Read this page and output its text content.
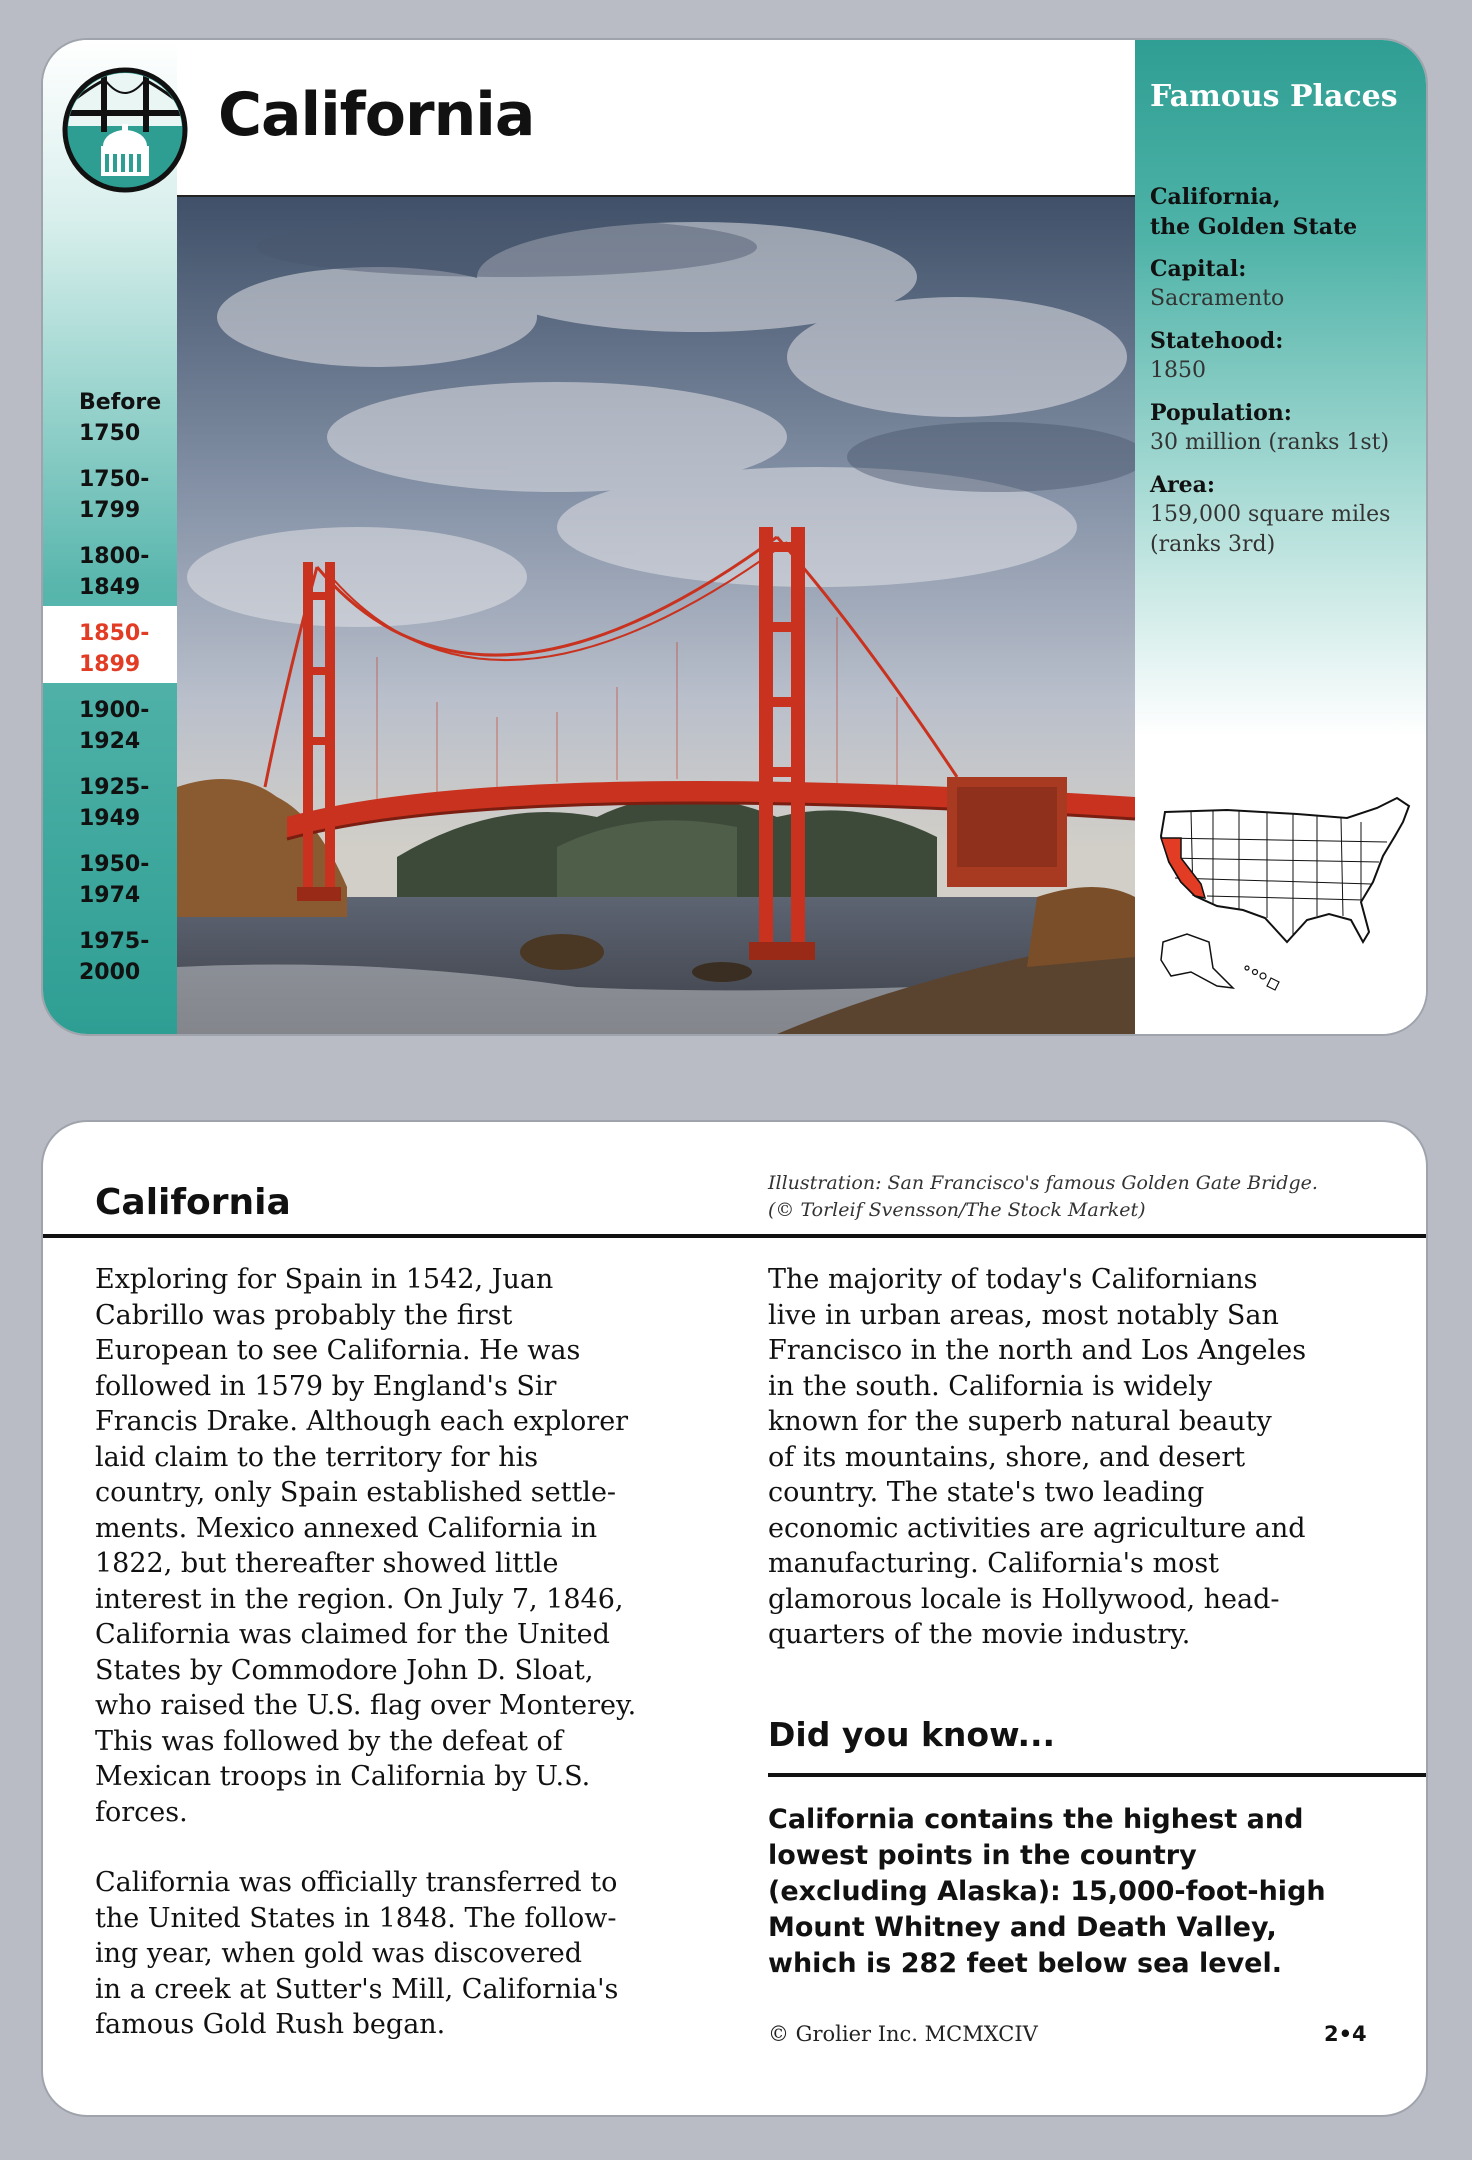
California
Before
1750
1750-
1799
1800-
1849
1850-
1899
1900-
1924
1925-
1949
1950-
1974
1975-
2000
Famous Places
California,
the Golden State
Capital:
Sacramento
Statehood:
1850
Population:
30 million (ranks 1st)
Area:
159,000 square miles
(ranks 3rd)
California	Illustration: San Francisco's famous Golden Gate Bridge.
(© Torleif Svensson/The Stock Market)

Exploring for Spain in 1542, Juan
Cabrillo was probably the first
European to see California. He was
followed in 1579 by England's Sir
Francis Drake. Although each explorer
laid claim to the territory for his
country, only Spain established settle-
ments. Mexico annexed California in
1822, but thereafter showed little
interest in the region. On July 7, 1846,
California was claimed for the United
States by Commodore John D. Sloat,
who raised the U.S. flag over Monterey.
This was followed by the defeat of
Mexican troops in California by U.S.
forces.

California was officially transferred to
the United States in 1848. The follow-
ing year, when gold was discovered
in a creek at Sutter's Mill, California's
famous Gold Rush began.

The majority of today's Californians
live in urban areas, most notably San
Francisco in the north and Los Angeles
in the south. California is widely
known for the superb natural beauty
of its mountains, shore, and desert
country. The state's two leading
economic activities are agriculture and
manufacturing. California's most
glamorous locale is Hollywood, head-
quarters of the movie industry.

Did you know...
California contains the highest and
lowest points in the country
(excluding Alaska): 15,000-foot-high
Mount Whitney and Death Valley,
which is 282 feet below sea level.
© Grolier Inc. MCMXCIV	2•4
